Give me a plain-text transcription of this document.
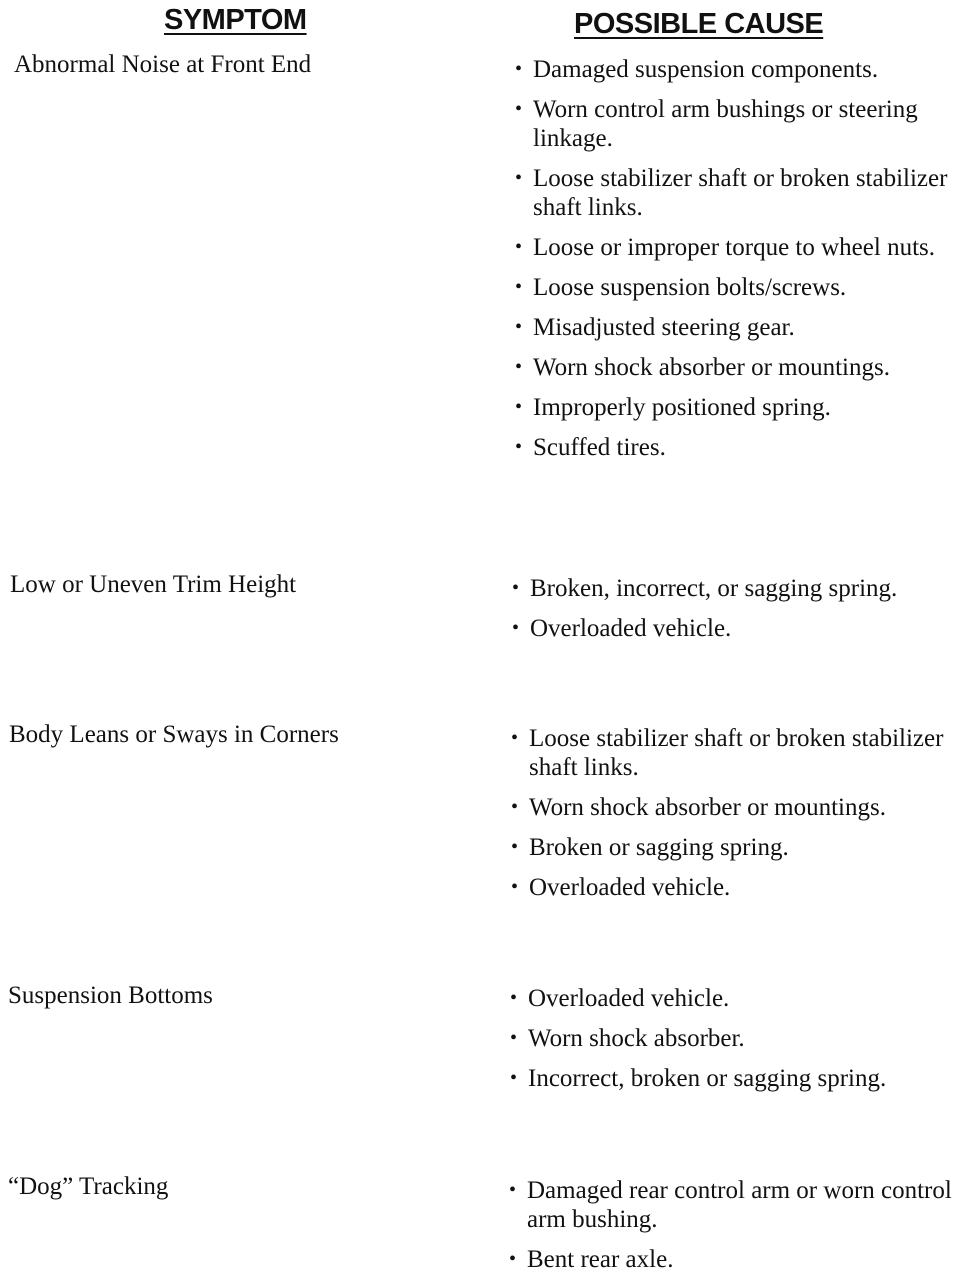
SYMPTOM	POSSIBLE CAUSE
Abnormal Noise at Front End	• Damaged suspension components.
• Worn control arm bushings or steering linkage.
• Loose stabilizer shaft or broken stabilizer shaft links.
• Loose or improper torque to wheel nuts.
• Loose suspension bolts/screws.
• Misadjusted steering gear.
• Worn shock absorber or mountings.
• Improperly positioned spring.
• Scuffed tires.
Low or Uneven Trim Height	• Broken, incorrect, or sagging spring.
• Overloaded vehicle.
Body Leans or Sways in Corners	• Loose stabilizer shaft or broken stabilizer shaft links.
• Worn shock absorber or mountings.
• Broken or sagging spring.
• Overloaded vehicle.
Suspension Bottoms	• Overloaded vehicle.
• Worn shock absorber.
• Incorrect, broken or sagging spring.
“Dog” Tracking	• Damaged rear control arm or worn control arm bushing.
• Bent rear axle.
